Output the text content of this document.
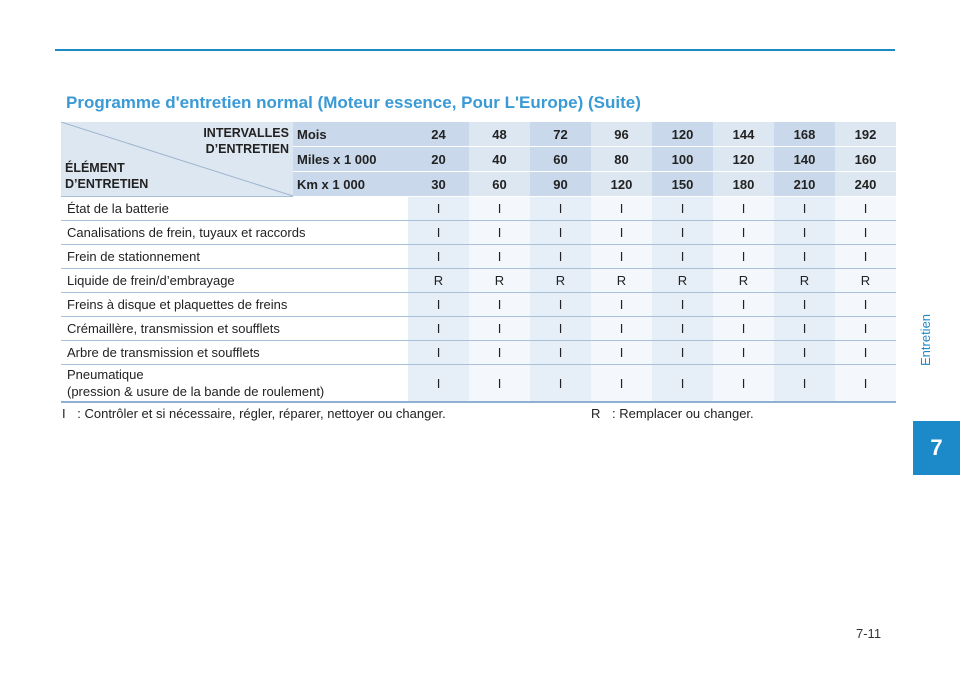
Programme d'entretien normal (Moteur essence, Pour L'Europe) (Suite)
INTERVALLES
D’ENTRETIEN
ÉLÉMENT
D’ENTRETIEN	Mois	24	48	72	96	120	144	168	192
	Miles x 1 000	20	40	60	80	100	120	140	160
	Km x 1 000	30	60	90	120	150	180	210	240
État de la batterie		I	I	I	I	I	I	I	I
Canalisations de frein, tuyaux et raccords		I	I	I	I	I	I	I	I
Frein de stationnement		I	I	I	I	I	I	I	I
Liquide de frein/d’embrayage		R	R	R	R	R	R	R	R
Freins à disque et plaquettes de freins		I	I	I	I	I	I	I	I
Crémaillère, transmission et soufflets		I	I	I	I	I	I	I	I
Arbre de transmission et soufflets		I	I	I	I	I	I	I	I

Pneumatique
(pression & usure de la bande de roulement)		I	I	I	I	I	I	I	I
I : Contrôler et si nécessaire, régler, réparer, nettoyer ou changer.	R : Remplacer ou changer.
Entretien
7
7-11
